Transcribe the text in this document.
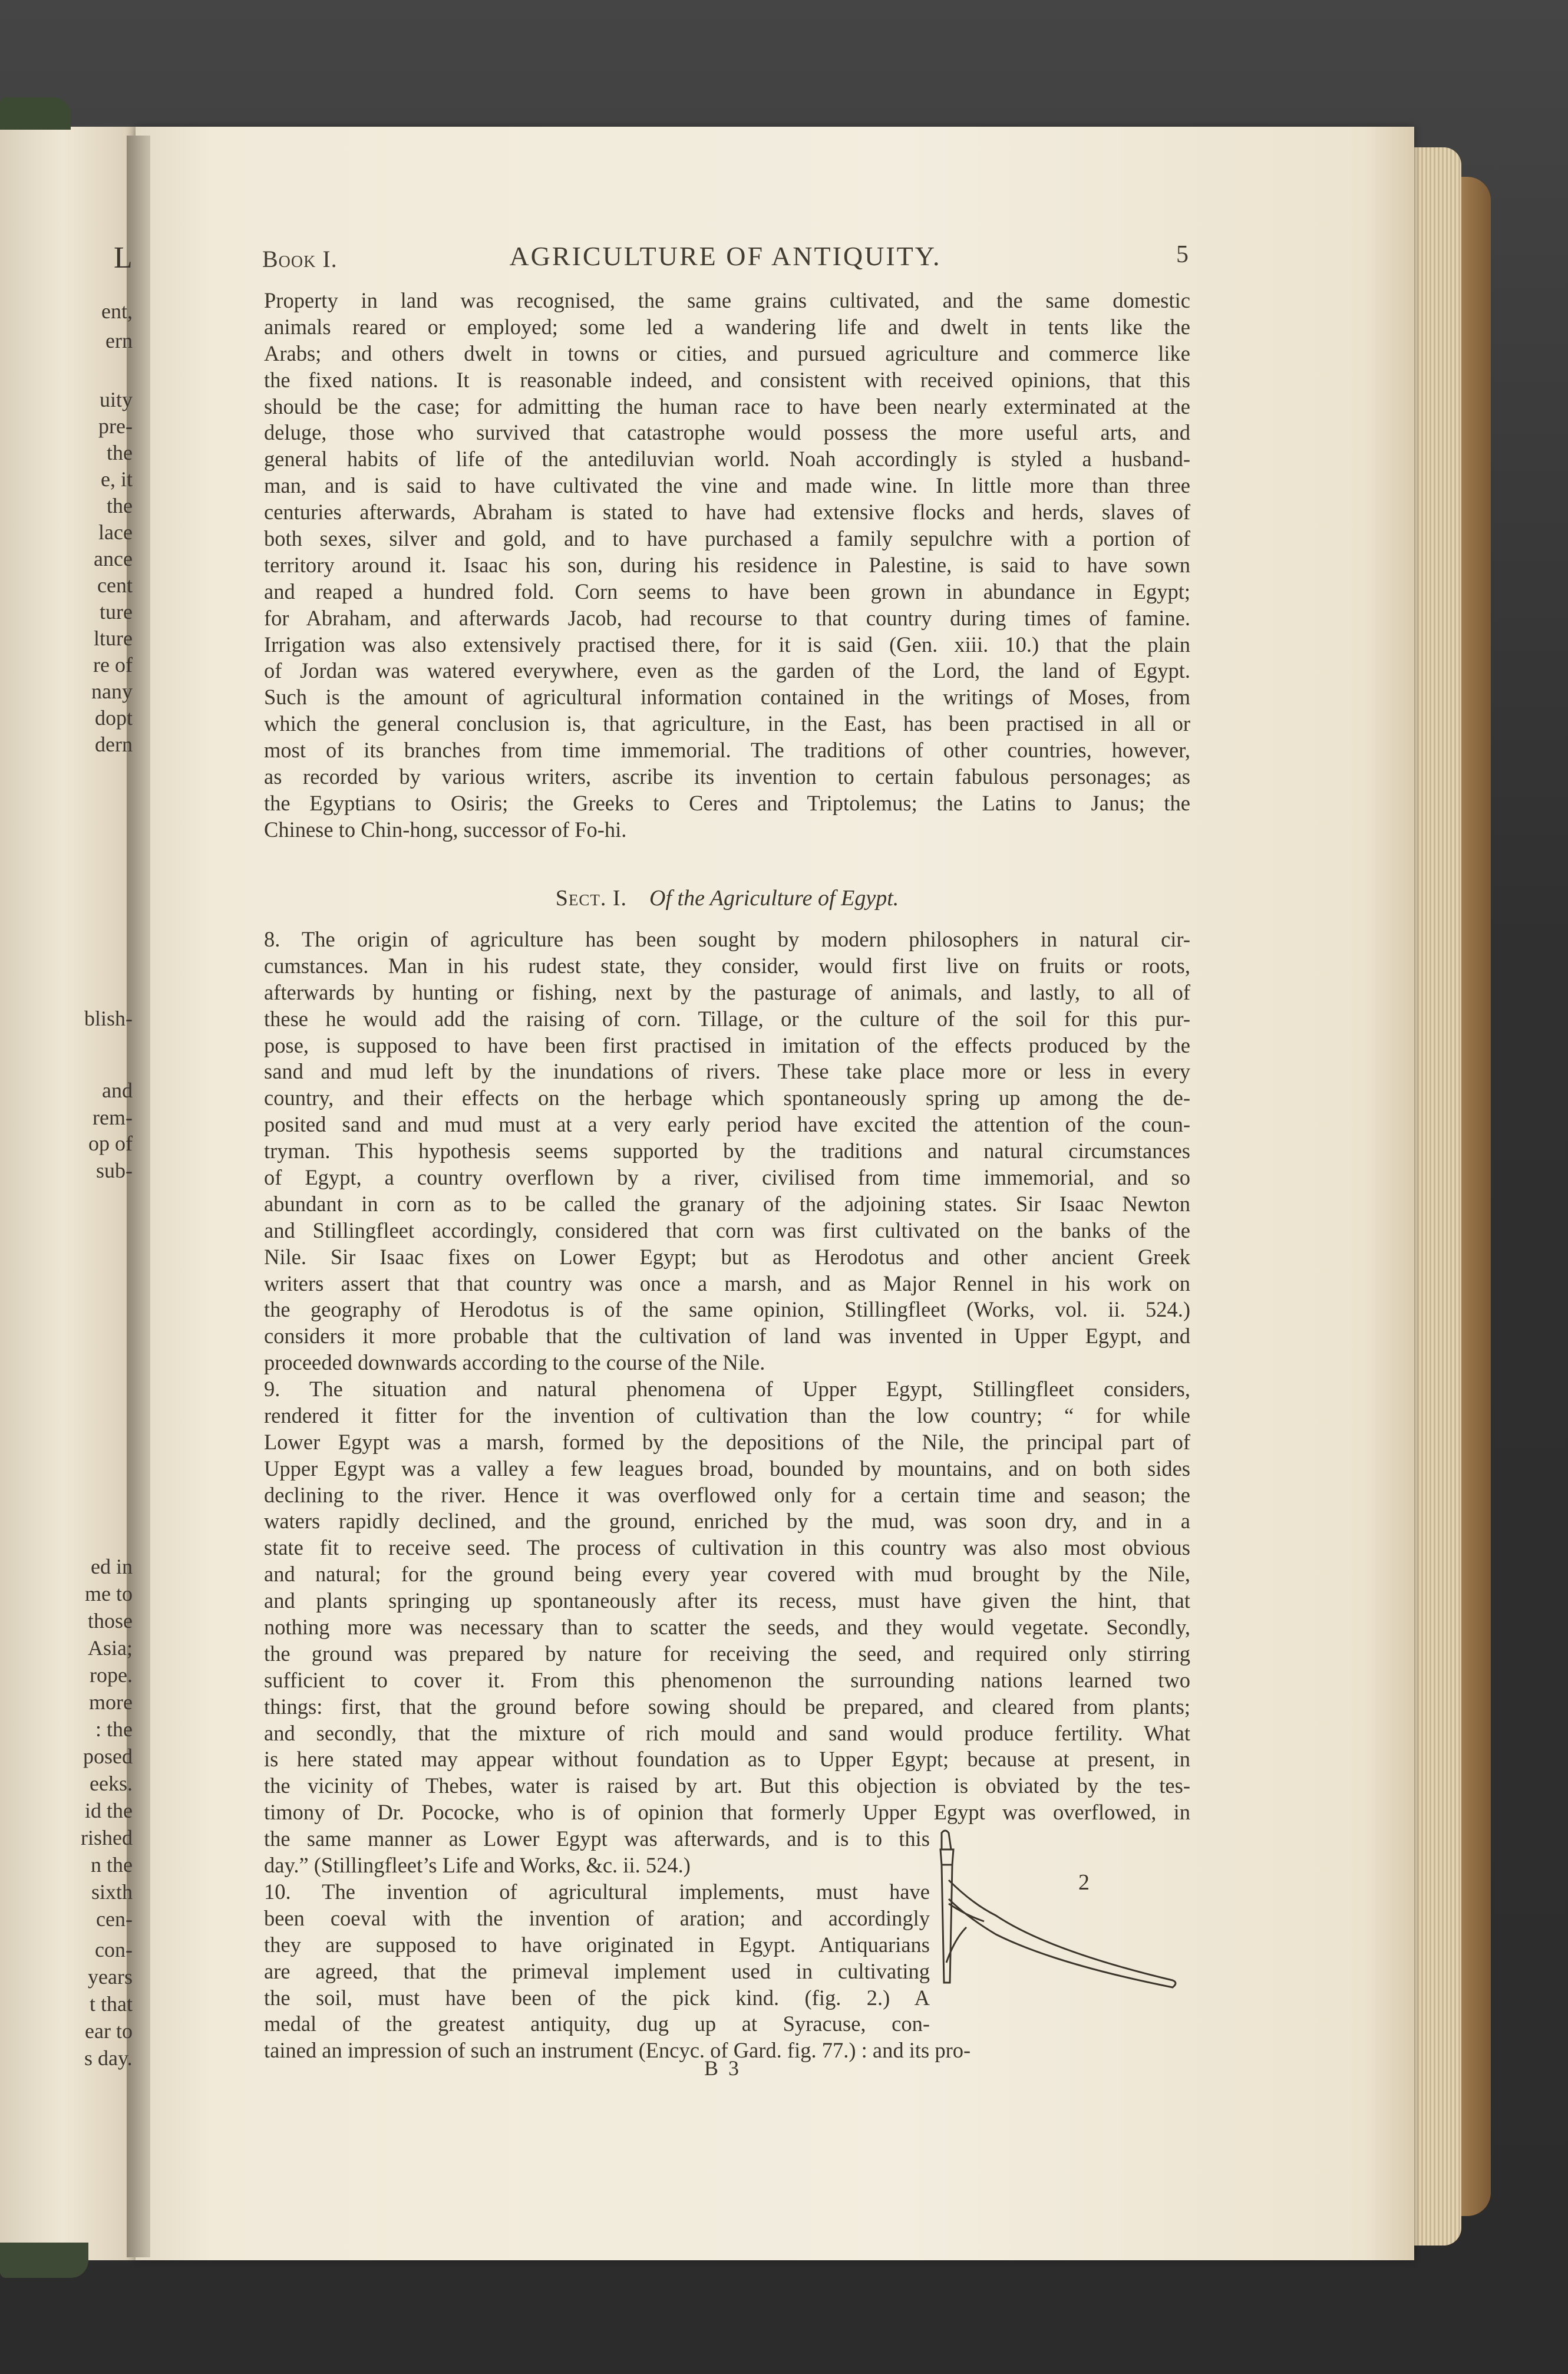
L
ent,
ern
uity
pre-
the
e, it
the
lace
ance
cent
ture
lture
re of
nany
dopt
dern
blish-
and
rem-
op of
sub-
ed in
me to
those
Asia;
rope.
more
: the
posed
eeks.
id the
rished
n the
sixth
cen-
con-
years
t that
ear to
s day.
Book I.	AGRICULTURE OF ANTIQUITY.	5
Property in land was recognised, the same grains cultivated, and the same domestic
animals reared or employed; some led a wandering life and dwelt in tents like the
Arabs; and others dwelt in towns or cities, and pursued agriculture and commerce like
the fixed nations. It is reasonable indeed, and consistent with received opinions, that this
should be the case; for admitting the human race to have been nearly exterminated at the
deluge, those who survived that catastrophe would possess the more useful arts, and
general habits of life of the antediluvian world. Noah accordingly is styled a husband-
man, and is said to have cultivated the vine and made wine. In little more than three
centuries afterwards, Abraham is stated to have had extensive flocks and herds, slaves of
both sexes, silver and gold, and to have purchased a family sepulchre with a portion of
territory around it. Isaac his son, during his residence in Palestine, is said to have sown
and reaped a hundred fold. Corn seems to have been grown in abundance in Egypt;
for Abraham, and afterwards Jacob, had recourse to that country during times of famine.
Irrigation was also extensively practised there, for it is said (Gen. xiii. 10.) that the plain
of Jordan was watered everywhere, even as the garden of the Lord, the land of Egypt.
Such is the amount of agricultural information contained in the writings of Moses, from
which the general conclusion is, that agriculture, in the East, has been practised in all or
most of its branches from time immemorial. The traditions of other countries, however,
as recorded by various writers, ascribe its invention to certain fabulous personages; as
the Egyptians to Osiris; the Greeks to Ceres and Triptolemus; the Latins to Janus; the
Chinese to Chin-hong, successor of Fo-hi.
Sect. I. Of the Agriculture of Egypt.
8. The origin of agriculture has been sought by modern philosophers in natural cir-
cumstances. Man in his rudest state, they consider, would first live on fruits or roots,
afterwards by hunting or fishing, next by the pasturage of animals, and lastly, to all of
these he would add the raising of corn. Tillage, or the culture of the soil for this pur-
pose, is supposed to have been first practised in imitation of the effects produced by the
sand and mud left by the inundations of rivers. These take place more or less in every
country, and their effects on the herbage which spontaneously spring up among the de-
posited sand and mud must at a very early period have excited the attention of the coun-
tryman. This hypothesis seems supported by the traditions and natural circumstances
of Egypt, a country overflown by a river, civilised from time immemorial, and so
abundant in corn as to be called the granary of the adjoining states. Sir Isaac Newton
and Stillingfleet accordingly, considered that corn was first cultivated on the banks of the
Nile. Sir Isaac fixes on Lower Egypt; but as Herodotus and other ancient Greek
writers assert that that country was once a marsh, and as Major Rennel in his work on
the geography of Herodotus is of the same opinion, Stillingfleet (Works, vol. ii. 524.)
considers it more probable that the cultivation of land was invented in Upper Egypt, and
proceeded downwards according to the course of the Nile.
9. The situation and natural phenomena of Upper Egypt, Stillingfleet considers,
rendered it fitter for the invention of cultivation than the low country; “ for while
Lower Egypt was a marsh, formed by the depositions of the Nile, the principal part of
Upper Egypt was a valley a few leagues broad, bounded by mountains, and on both sides
declining to the river. Hence it was overflowed only for a certain time and season; the
waters rapidly declined, and the ground, enriched by the mud, was soon dry, and in a
state fit to receive seed. The process of cultivation in this country was also most obvious
and natural; for the ground being every year covered with mud brought by the Nile,
and plants springing up spontaneously after its recess, must have given the hint, that
nothing more was necessary than to scatter the seeds, and they would vegetate. Secondly,
the ground was prepared by nature for receiving the seed, and required only stirring
sufficient to cover it. From this phenomenon the surrounding nations learned two
things: first, that the ground before sowing should be prepared, and cleared from plants;
and secondly, that the mixture of rich mould and sand would produce fertility. What
is here stated may appear without foundation as to Upper Egypt; because at present, in
the vicinity of Thebes, water is raised by art. But this objection is obviated by the tes-
timony of Dr. Pococke, who is of opinion that formerly Upper Egypt was overflowed, in
the same manner as Lower Egypt was afterwards, and is to this
day.” (Stillingfleet’s Life and Works, &c. ii. 524.)
10. The invention of agricultural implements, must have
been coeval with the invention of aration; and accordingly
they are supposed to have originated in Egypt. Antiquarians
are agreed, that the primeval implement used in cultivating
the soil, must have been of the pick kind. (fig. 2.) A
medal of the greatest antiquity, dug up at Syracuse, con-
tained an impression of such an instrument (Encyc. of Gard. fig. 77.) : and its pro-
2
B 3
